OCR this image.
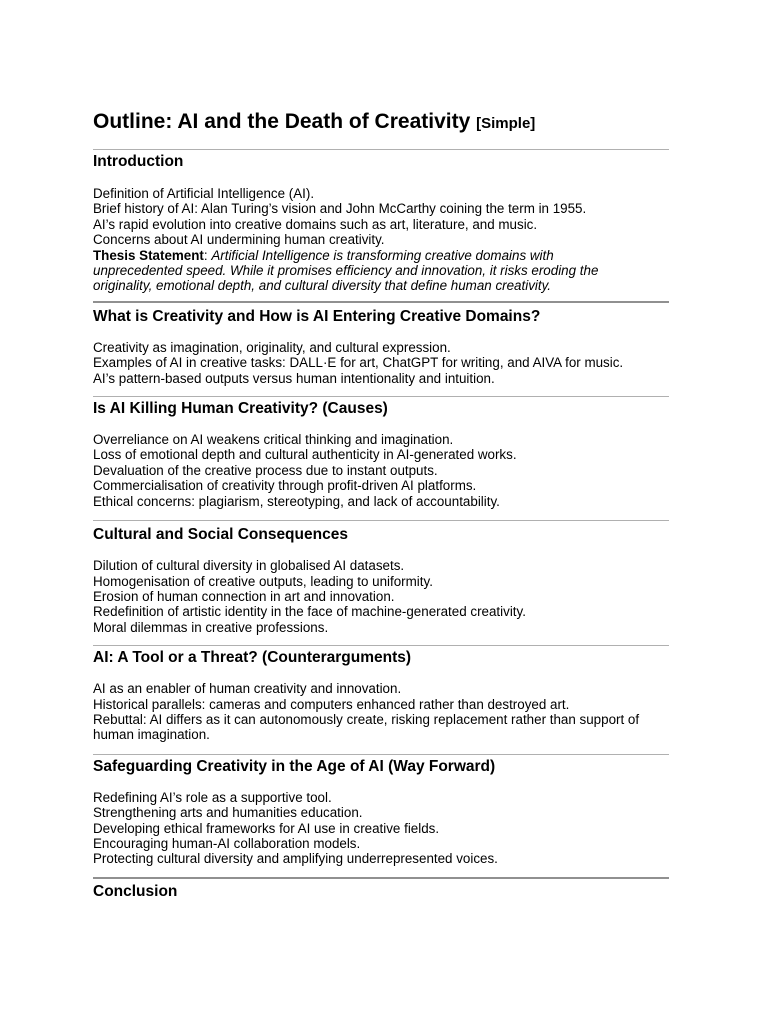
Outline: AI and the Death of Creativity [Simple]
Introduction
Definition of Artificial Intelligence (AI).
Brief history of AI: Alan Turing’s vision and John McCarthy coining the term in 1955.
AI’s rapid evolution into creative domains such as art, literature, and music.
Concerns about AI undermining human creativity.
Thesis Statement: Artificial Intelligence is transforming creative domains with
unprecedented speed. While it promises efficiency and innovation, it risks eroding the
originality, emotional depth, and cultural diversity that define human creativity.
What is Creativity and How is AI Entering Creative Domains?
Creativity as imagination, originality, and cultural expression.
Examples of AI in creative tasks: DALL·E for art, ChatGPT for writing, and AIVA for music.
AI’s pattern-based outputs versus human intentionality and intuition.
Is AI Killing Human Creativity? (Causes)
Overreliance on AI weakens critical thinking and imagination.
Loss of emotional depth and cultural authenticity in AI-generated works.
Devaluation of the creative process due to instant outputs.
Commercialisation of creativity through profit-driven AI platforms.
Ethical concerns: plagiarism, stereotyping, and lack of accountability.
Cultural and Social Consequences
Dilution of cultural diversity in globalised AI datasets.
Homogenisation of creative outputs, leading to uniformity.
Erosion of human connection in art and innovation.
Redefinition of artistic identity in the face of machine-generated creativity.
Moral dilemmas in creative professions.
AI: A Tool or a Threat? (Counterarguments)
AI as an enabler of human creativity and innovation.
Historical parallels: cameras and computers enhanced rather than destroyed art.
Rebuttal: AI differs as it can autonomously create, risking replacement rather than support of human imagination.
Safeguarding Creativity in the Age of AI (Way Forward)
Redefining AI’s role as a supportive tool.
Strengthening arts and humanities education.
Developing ethical frameworks for AI use in creative fields.
Encouraging human-AI collaboration models.
Protecting cultural diversity and amplifying underrepresented voices.
Conclusion
